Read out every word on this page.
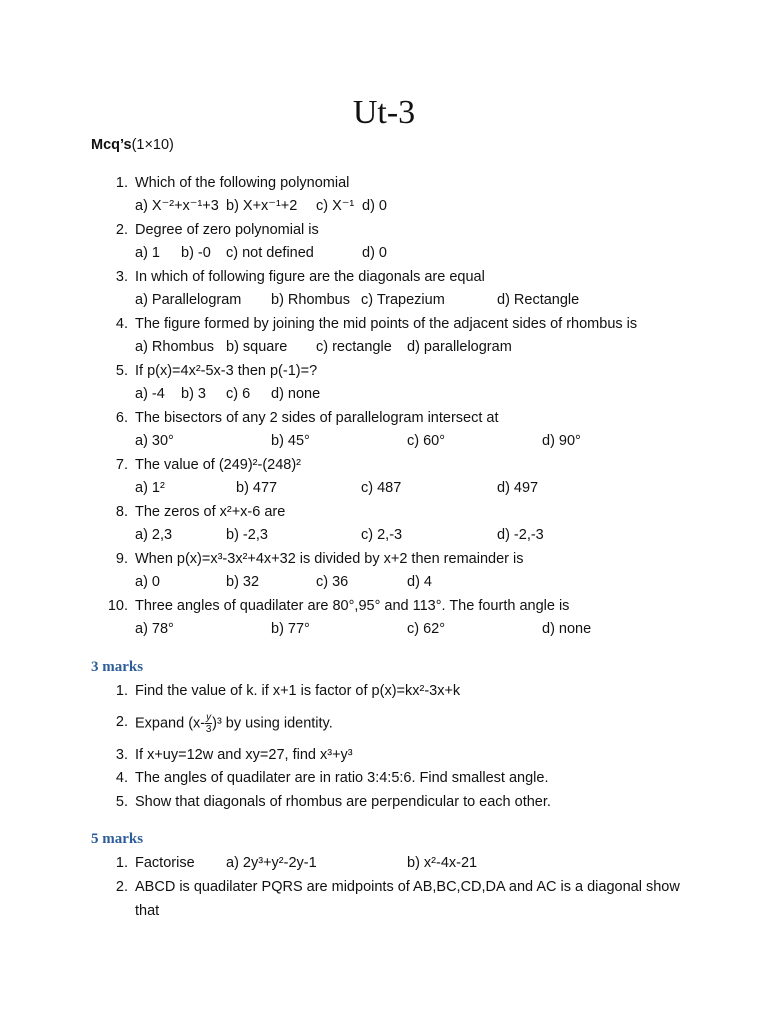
Ut-3
Mcq’s(1×10)
1. Which of the following polynomial
a) X⁻²+x⁻¹+3 b) X+x⁻¹+2 c) X⁻¹ d) 0
2. Degree of zero polynomial is
a) 1 b) -0 c) not defined	d) 0
3. In which of following figure are the diagonals are equal
a) Parallelogram b) Rhombus c) Trapezium	d) Rectangle
4. The figure formed by joining the mid points of the adjacent sides of rhombus is
a) Rhombus b) square c) rectangle d) parallelogram
5. If p(x)=4x²-5x-3 then p(-1)=?
a) -4 b) 3 c) 6 d) none
6. The bisectors of any 2 sides of parallelogram intersect at
a) 30°	b) 45°	c) 60°	d) 90°
7. The value of (249)²-(248)²
a) 1²	b) 477	c) 487	d) 497
8. The zeros of x²+x-6 are
a) 2,3	b) -2,3	c) 2,-3	d) -2,-3
9. When p(x)=x³-3x²+4x+32 is divided by x+2 then remainder is
a) 0	b) 32	c) 36	d) 4
10. Three angles of quadilater are 80°,95° and 113°. The fourth angle is
a) 78°	b) 77°	c) 62°	d) none
3 marks
1. Find the value of k. if x+1 is factor of p(x)=kx²-3x+k
2. Expand $(x- \frac{y}{3} )^3$ by using identity.
3. If x+uy=12w and xy=27, find x³+y³
4. The angles of quadilater are in ratio 3:4:5:6. Find smallest angle.
5. Show that diagonals of rhombus are perpendicular to each other.
5 marks
1. Factorise a) 2y³+y²-2y-1	b) x²-4x-21
2. ABCD is quadilater PQRS are midpoints of AB,BC,CD,DA and AC is a diagonal show
that
